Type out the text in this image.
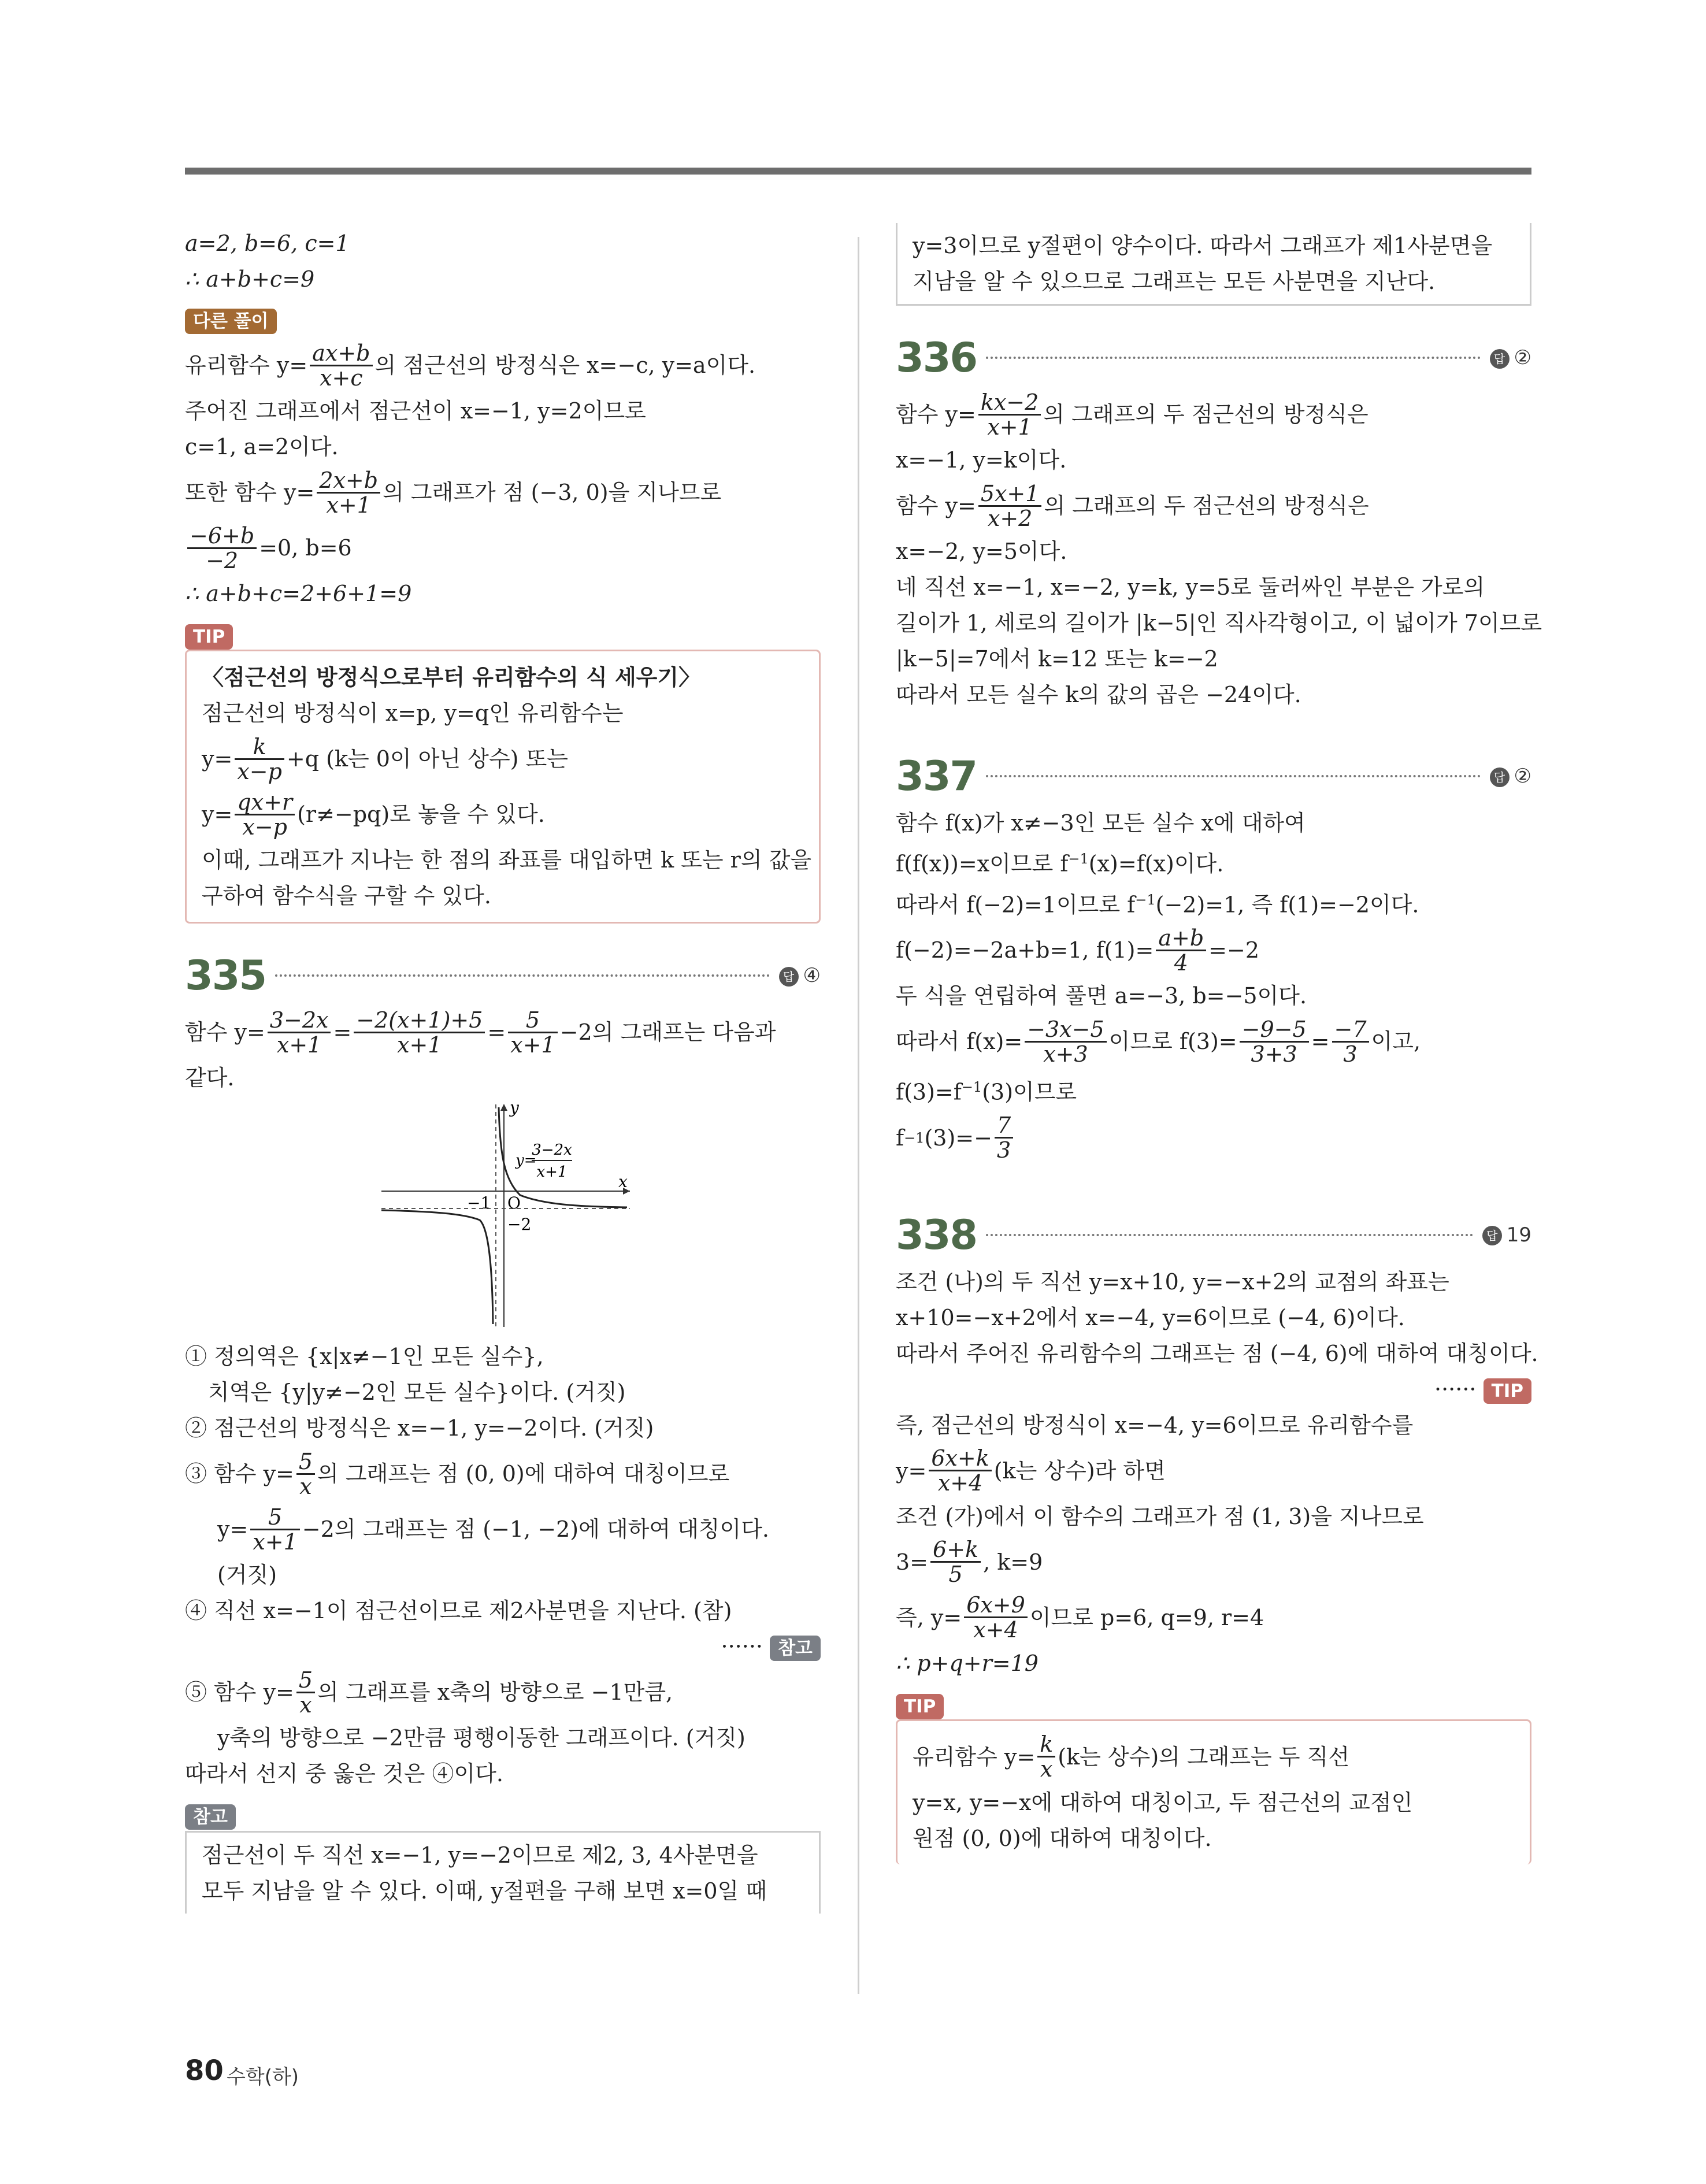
a=2, b=6, c=1
∴ a+b+c=9
다른 풀이
유리함수 $y= \frac{ax+b}{x+c}$ 의 점근선의 방정식은 x=−c, y=a이다.
주어진 그래프에서 점근선이 x=−1, y=2이므로
c=1, a=2이다.
또한 함수 $y= \frac{2x+b}{x+1}$ 의 그래프가 점 (−3, 0)을 지나므로
$\frac{-6+b}{-2} =0$, b=6
∴ a+b+c=2+6+1=9
TIP
〈점근선의 방정식으로부터 유리함수의 식 세우기〉
점근선의 방정식이 x=p, y=q인 유리함수는
$y= \frac{k}{x-p} +q$ (k는 0이 아닌 상수) 또는
$y= \frac{qx+r}{x-p} (r\ne-pq)$로 놓을 수 있다.
이때, 그래프가 지나는 한 점의 좌표를 대입하면 k 또는 r의 값을
구하여 함수식을 구할 수 있다.
335	답 ④
함수 $y= \frac{3-2x}{x+1} = \frac{-2(x+1)+5}{x+1} = \frac{5}{x+1} -2$의 그래프는 다음과
같다.
y
x
O
−1
−2
y=
3−2x
x+1
① 정의역은 {x|x≠−1인 모든 실수},
치역은 {y|y≠−2인 모든 실수}이다. (거짓)
② 점근선의 방정식은 x=−1, y=−2이다. (거짓)
③ 함수 $y= \frac{5}{x}$ 의 그래프는 점 (0, 0)에 대하여 대칭이므로
$y= \frac{5}{x+1} -2$의 그래프는 점 (−1, −2)에 대하여 대칭이다.
(거짓)
④ 직선 x=−1이 점근선이므로 제2사분면을 지난다. (참)
······ 참고
⑤ 함수 $y= \frac{5}{x}$ 의 그래프를 x축의 방향으로 −1만큼,
y축의 방향으로 −2만큼 평행이동한 그래프이다. (거짓)
따라서 선지 중 옳은 것은 ④이다.
참고
점근선이 두 직선 x=−1, y=−2이므로 제2, 3, 4사분면을
모두 지남을 알 수 있다. 이때, y절편을 구해 보면 x=0일 때
y=3이므로 y절편이 양수이다. 따라서 그래프가 제1사분면을
지남을 알 수 있으므로 그래프는 모든 사분면을 지난다.
336	답 ②
함수 $y= \frac{kx-2}{x+1}$ 의 그래프의 두 점근선의 방정식은
x=−1, y=k이다.
함수 $y= \frac{5x+1}{x+2}$ 의 그래프의 두 점근선의 방정식은
x=−2, y=5이다.
네 직선 x=−1, x=−2, y=k, y=5로 둘러싸인 부분은 가로의
길이가 1, 세로의 길이가 |k−5|인 직사각형이고, 이 넓이가 7이므로
|k−5|=7에서 k=12 또는 k=−2
따라서 모든 실수 k의 값의 곱은 −24이다.
337	답 ②
함수 f(x)가 x≠−3인 모든 실수 x에 대하여
f(f(x))=x이므로 $f^{-1}(x)=f(x)$이다.
따라서 f(−2)=1이므로 $f^{-1}(-2)=1$, 즉 f(1)=−2이다.
f(−2)=−2a+b=1, $f(1)= \frac{a+b}{4} =-2$
두 식을 연립하여 풀면 a=−3, b=−5이다.
따라서 $f(x)= \frac{-3x-5}{x+3}$ 이므로 $f(3)= \frac{-9-5}{3+3} = \frac{-7}{3}$ 이고,
$f(3)=f^{-1}(3)$이므로
f −1 $(3)=- \frac{7}{3}$
338	답 19
조건 (나)의 두 직선 y=x+10, y=−x+2의 교점의 좌표는
x+10=−x+2에서 x=−4, y=6이므로 (−4, 6)이다.
따라서 주어진 유리함수의 그래프는 점 (−4, 6)에 대하여 대칭이다.
······ TIP
즉, 점근선의 방정식이 x=−4, y=6이므로 유리함수를
$y= \frac{6x+k}{x+4} (k$는 상수)라 하면
조건 (가)에서 이 함수의 그래프가 점 (1, 3)을 지나므로
$3= \frac{6+k}{5}$ , k=9
즉, $y= \frac{6x+9}{x+4}$ 이므로 p=6, q=9, r=4
∴ p+q+r=19
TIP
유리함수 $y= \frac{k}{x} (k$는 상수)의 그래프는 두 직선
y=x, y=−x에 대하여 대칭이고, 두 점근선의 교점인
원점 (0, 0)에 대하여 대칭이다.
80 수학(하)
